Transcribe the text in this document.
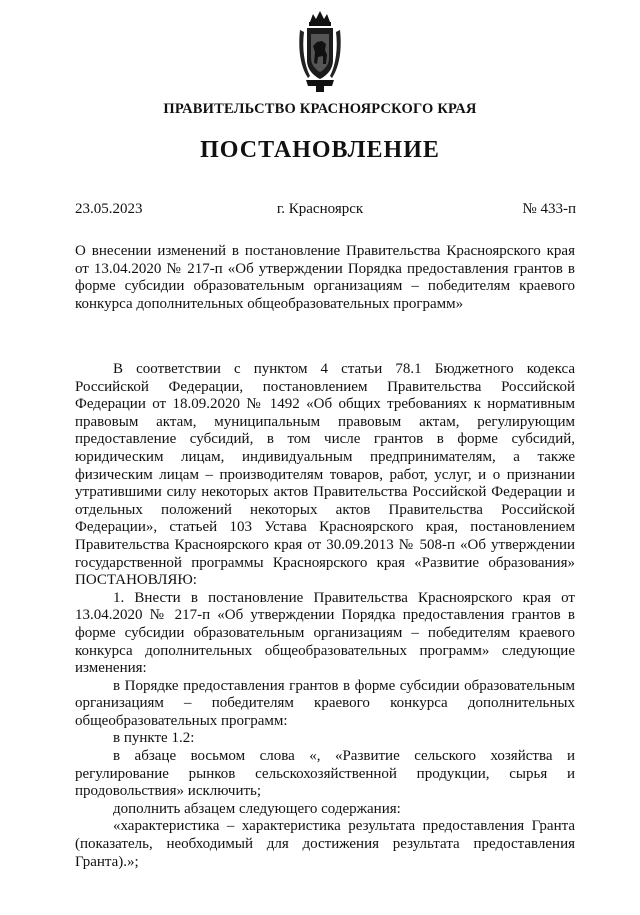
ПРАВИТЕЛЬСТВО КРАСНОЯРСКОГО КРАЯ
ПОСТАНОВЛЕНИЕ
23.05.2023	г. Красноярск	№ 433-п
О внесении изменений в постановление Правительства Красноярского края от 13.04.2020 № 217-п «Об утверждении Порядка предоставления грантов в форме субсидии образовательным организациям – победителям краевого конкурса дополнительных общеобразовательных программ»

В соответствии с пунктом 4 статьи 78.1 Бюджетного кодекса Российской Федерации, постановлением Правительства Российской Федерации от 18.09.2020 № 1492 «Об общих требованиях к нормативным правовым актам, муниципальным правовым актам, регулирующим предоставление субсидий, в том числе грантов в форме субсидий, юридическим лицам, индивидуальным предпринимателям, а также физическим лицам – производителям товаров, работ, услуг, и о признании утратившими силу некоторых актов Правительства Российской Федерации и отдельных положений некоторых актов Правительства Российской Федерации», статьей 103 Устава Красноярского края, постановлением Правительства Красноярского края от 30.09.2013 № 508-п «Об утверждении государственной программы Красноярского края «Развитие образования» ПОСТАНОВЛЯЮ:

1. Внести в постановление Правительства Красноярского края от 13.04.2020 № 217-п «Об утверждении Порядка предоставления грантов в форме субсидии образовательным организациям – победителям краевого конкурса дополнительных общеобразовательных программ» следующие изменения:

в Порядке предоставления грантов в форме субсидии образовательным организациям – победителям краевого конкурса дополнительных общеобразовательных программ:

в пункте 1.2:

в абзаце восьмом слова «, «Развитие сельского хозяйства и регулирование рынков сельскохозяйственной продукции, сырья и продовольствия» исключить;

дополнить абзацем следующего содержания:

«характеристика – характеристика результата предоставления Гранта (показатель, необходимый для достижения результата предоставления Гранта).»;
